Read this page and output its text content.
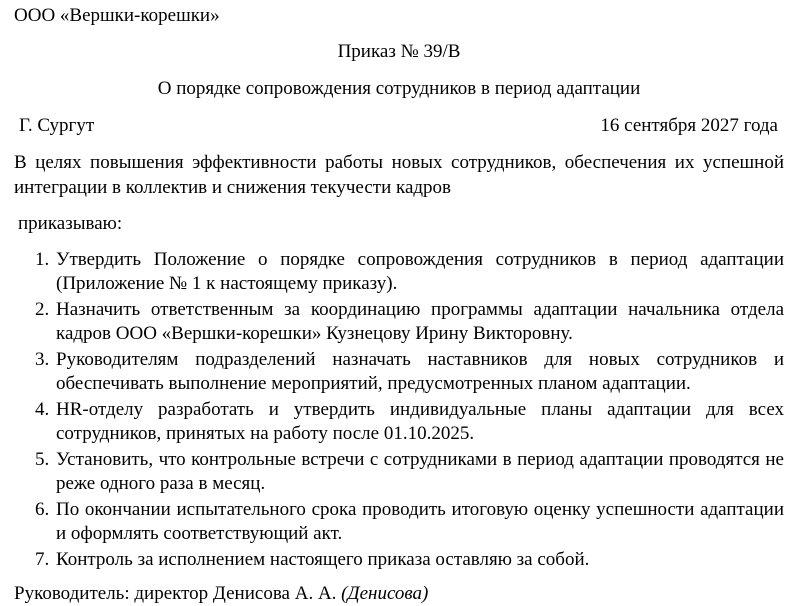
ООО «Вершки-корешки»
Приказ № 39/В
О порядке сопровождения сотрудников в период адаптации
Г. Сургут	16 сентября 2027 года
В целях повышения эффективности работы новых сотрудников, обеспечения их успешной интеграции в коллектив и снижения текучести кадров
приказываю:
1. Утвердить Положение о порядке сопровождения сотрудников в период адаптации (Приложение № 1 к настоящему приказу).
2. Назначить ответственным за координацию программы адаптации начальника отдела кадров ООО «Вершки-корешки» Кузнецову Ирину Викторовну.
3. Руководителям подразделений назначать наставников для новых сотрудников и обеспечивать выполнение мероприятий, предусмотренных планом адаптации.
4. HR-отделу разработать и утвердить индивидуальные планы адаптации для всех сотрудников, принятых на работу после 01.10.2025.
5. Установить, что контрольные встречи с сотрудниками в период адаптации проводятся не реже одного раза в месяц.
6. По окончании испытательного срока проводить итоговую оценку успешности адаптации и оформлять соответствующий акт.
7. Контроль за исполнением настоящего приказа оставляю за собой.
Руководитель: директор Денисова А. А. (Денисова)
